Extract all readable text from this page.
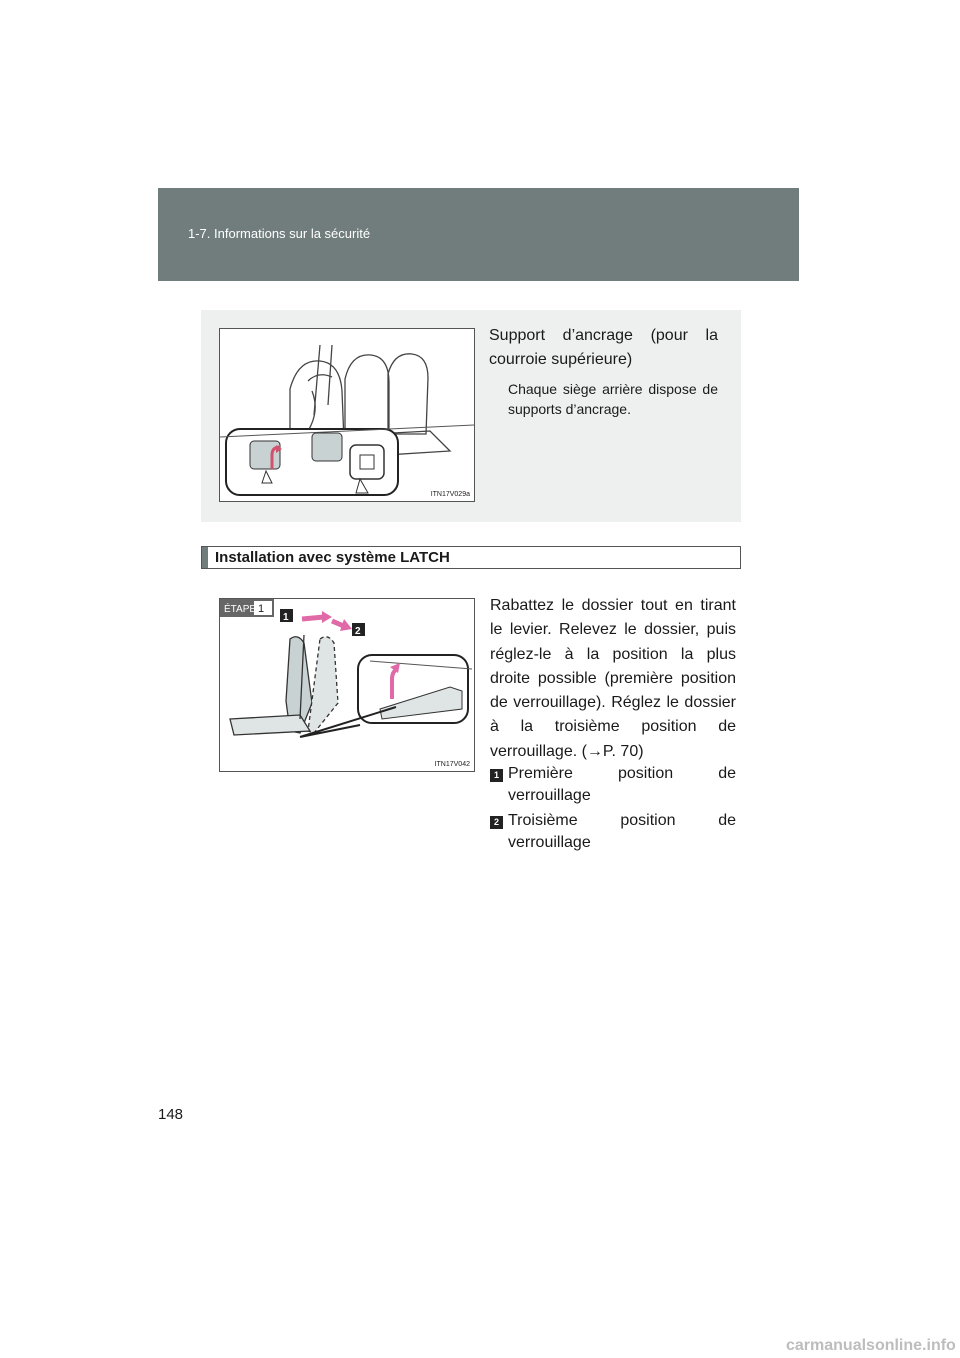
1-7. Informations sur la sécurité
ITN17V029a
Support d’ancrage (pour la

courroie supérieure)
Chaque siège arrière dispose de supports d’ancrage.
Installation avec système LATCH
ÉTAPE 1
1
2
ITN17V042
Rabattez le dossier tout en tirant le levier. Relevez le dossier, puis réglez-le à la position la plus droite possible (première position de verrouillage). Réglez le dossier à la troisième position de verrouillage. (→P. 70)
1 Première position de
verrouillage
2 Troisième position de
verrouillage
148
carmanualsonline.info
